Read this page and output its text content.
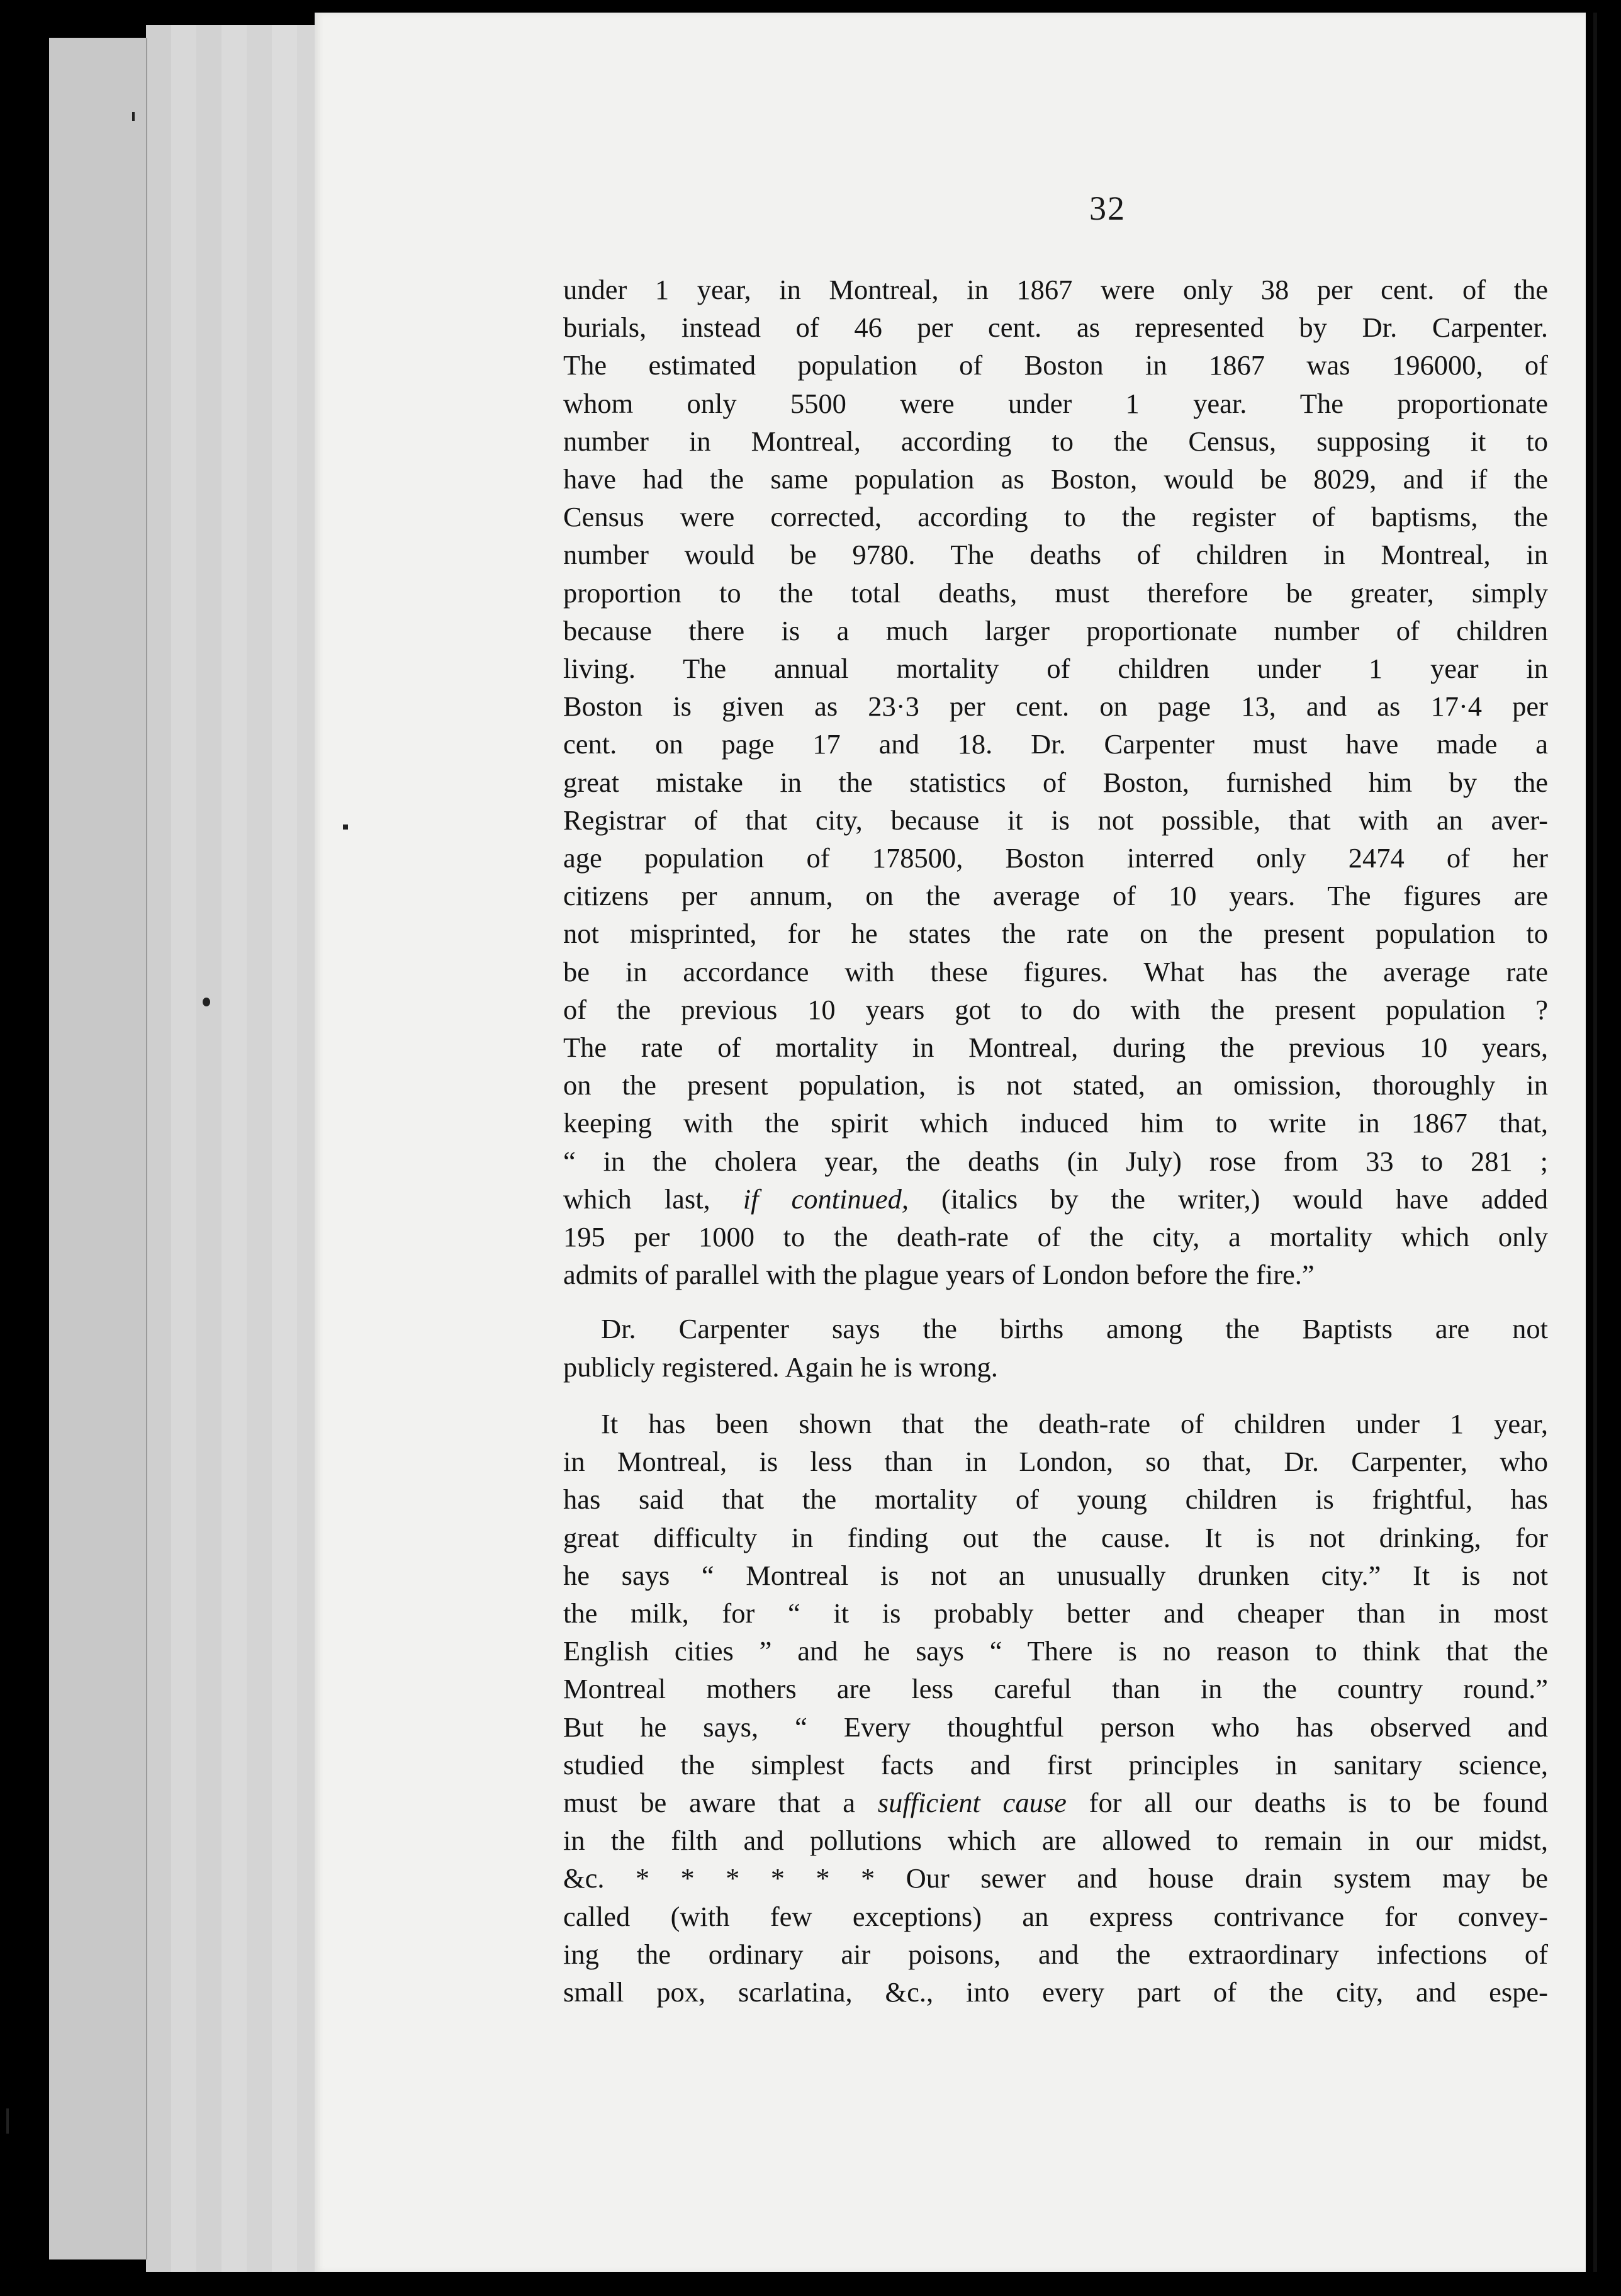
32

under 1 year, in Montreal, in 1867 were only 38 per cent. of the
burials, instead of 46 per cent. as represented by Dr. Carpenter.
The estimated population of Boston in 1867 was 196000, of
whom only 5500 were under 1 year. The proportionate
number in Montreal, according to the Census, supposing it to
have had the same population as Boston, would be 8029, and if the
Census were corrected, according to the register of baptisms, the
number would be 9780. The deaths of children in Montreal, in
proportion to the total deaths, must therefore be greater, simply
because there is a much larger proportionate number of children
living. The annual mortality of children under 1 year in
Boston is given as 23·3 per cent. on page 13, and as 17·4 per
cent. on page 17 and 18. Dr. Carpenter must have made a
great mistake in the statistics of Boston, furnished him by the
Registrar of that city, because it is not possible, that with an aver-
age population of 178500, Boston interred only 2474 of her
citizens per annum, on the average of 10 years. The figures are
not misprinted, for he states the rate on the present population to
be in accordance with these figures. What has the average rate
of the previous 10 years got to do with the present population ?
The rate of mortality in Montreal, during the previous 10 years,
on the present population, is not stated, an omission, thoroughly in
keeping with the spirit which induced him to write in 1867 that,
“ in the cholera year, the deaths (in July) rose from 33 to 281 ;
which last, if continued, (italics by the writer,) would have added
195 per 1000 to the death-rate of the city, a mortality which only
admits of parallel with the plague years of London before the fire.”

Dr. Carpenter says the births among the Baptists are not
publicly registered. Again he is wrong.

It has been shown that the death-rate of children under 1 year,
in Montreal, is less than in London, so that, Dr. Carpenter, who
has said that the mortality of young children is frightful, has
great difficulty in finding out the cause. It is not drinking, for
he says “ Montreal is not an unusually drunken city.” It is not
the milk, for “ it is probably better and cheaper than in most
English cities ” and he says “ There is no reason to think that the
Montreal mothers are less careful than in the country round.”
But he says, “ Every thoughtful person who has observed and
studied the simplest facts and first principles in sanitary science,
must be aware that a sufficient cause for all our deaths is to be found
in the filth and pollutions which are allowed to remain in our midst,
&c. * * * * * * Our sewer and house drain system may be
called (with few exceptions) an express contrivance for convey-
ing the ordinary air poisons, and the extraordinary infections of
small pox, scarlatina, &c., into every part of the city, and espe-
